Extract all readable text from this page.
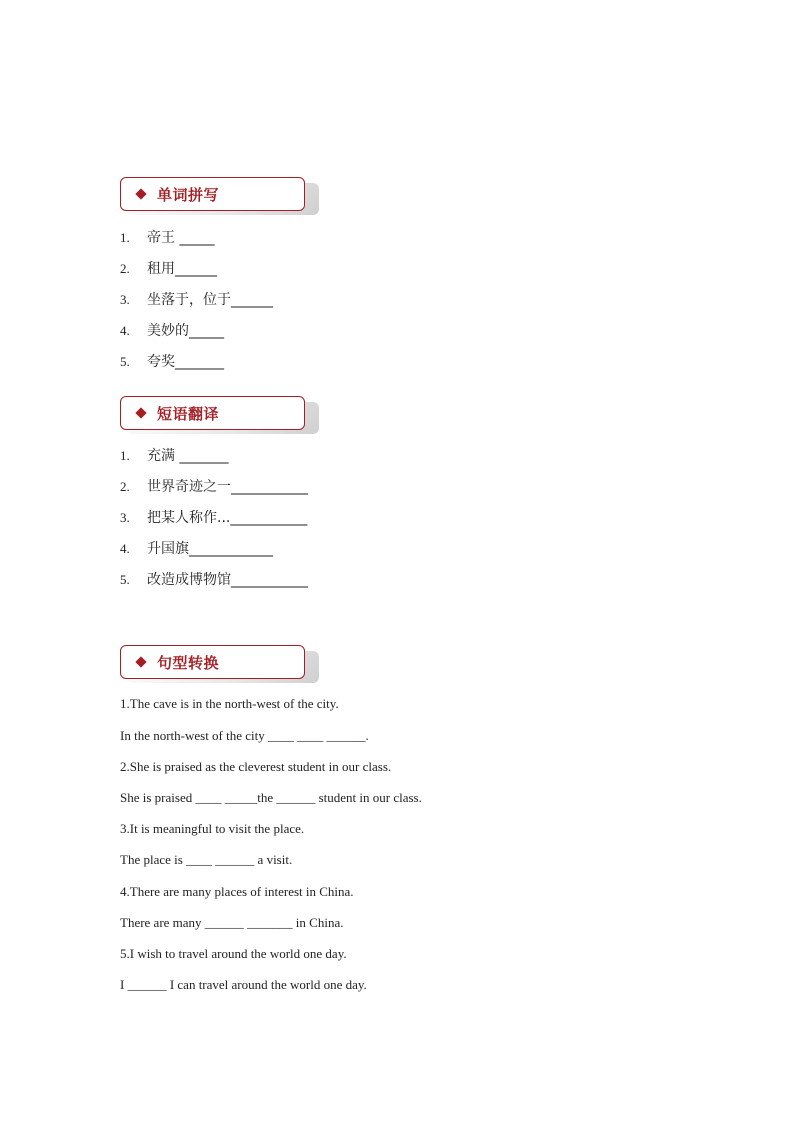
单词拼写
1. 帝王 _____
2. 租用______
3. 坐落于，位于______
4. 美妙的_____
5. 夸奖_______
短语翻译
1. 充满 _______
2. 世界奇迹之一___________
3. 把某人称作...___________
4. 升国旗____________
5. 改造成博物馆___________
句型转换
1.The cave is in the north-west of the city.
In the north-west of the city ____ ____ ______.
2.She is praised as the cleverest student in our class.
She is praised ____ _____the ______ student in our class.
3.It is meaningful to visit the place.
The place is ____ ______ a visit.
4.There are many places of interest in China.
There are many ______ _______ in China.
5.I wish to travel around the world one day.
I ______ I can travel around the world one day.
